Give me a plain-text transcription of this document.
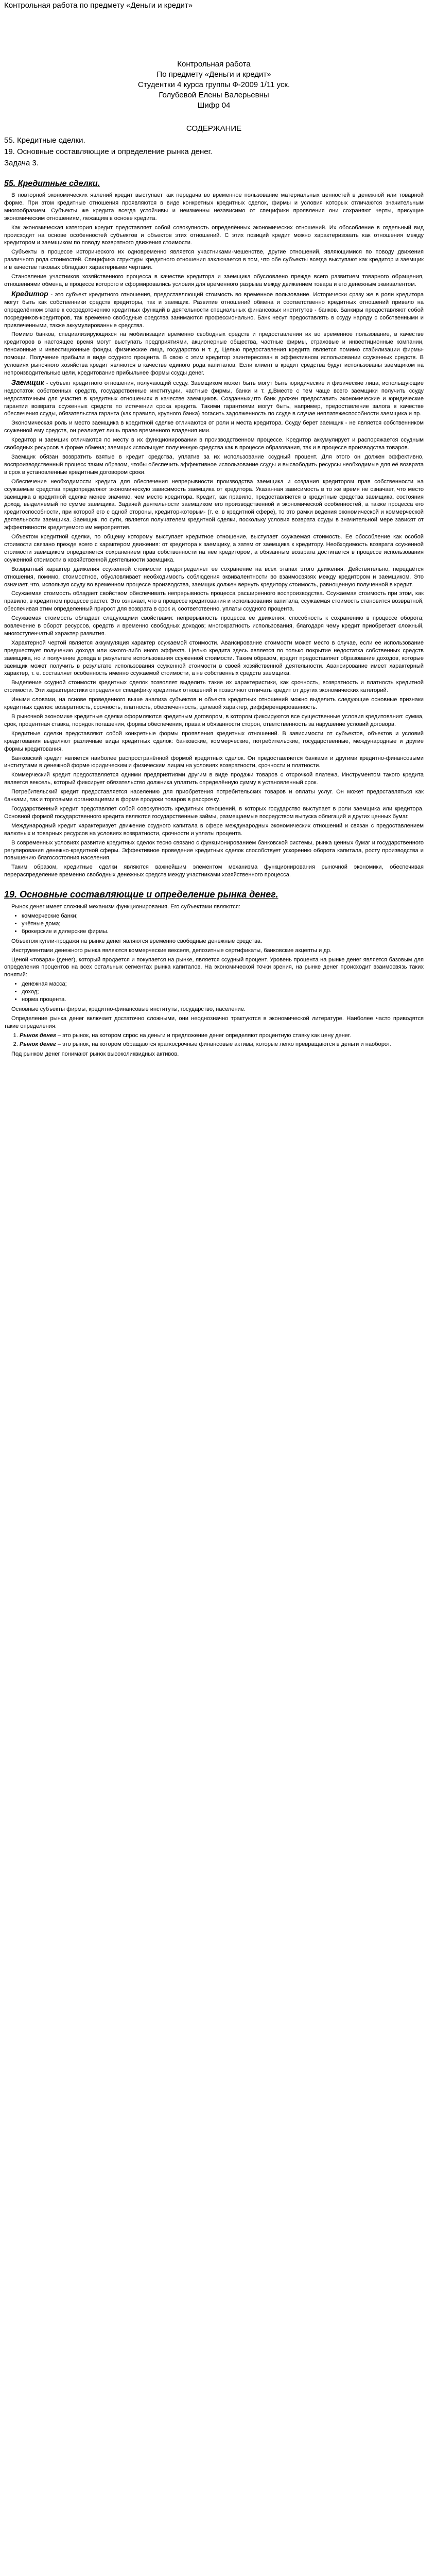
Контрольная работа по предмету «Деньги и кредит»
Контрольная работа
По предмету «Деньги и кредит»
Студентки 4 курса группы Ф-2009 1/11 уск.
Голубевой Елены Валерьевны
Шифр 04
СОДЕРЖАНИЕ
55. Кредитные сделки.
19. Основные составляющие и определение рынка денег.
Задача 3.
55. Кредитные сделки.

В повторной экономических явлений кредит выступает как передача во временное пользование материальных ценностей в денежной или товарной форме. При этом кредитные отношения проявляются в виде конкретных кредитных сделок, фирмы и условия которых отличаются значительным многообразием. Субъекты же кредита всегда устойчивы и неизменны независимо от специфики проявления они сохраняют черты, присущие экономическим отношениям, лежащим в основе кредита.

Как экономическая категория кредит представляет собой совокупность определённых экономических отношений. Их обособление в отдельный вид происходит на основе особенностей субъектов и объектов этих отношений. С этих позиций кредит можно характеризовать как отношения между кредитором и заемщиком по поводу возвратного движения стоимости.

Субъекты в процессе исторического их одновременно является участниками-мешенстве, другие отношений, являющимися по поводу движения различного рода стоимостей. Специфика структуры кредитного отношения заключается в том, что обе субъекты всегда выступают как кредитор и заемщик и в качестве таковых обладают характерными чертами.

Становление участников хозяйственного процесса в качестве кредитора и заемщика обусловлено прежде всего развитием товарного обращения, отношениями обмена, в процессе которого и сформировались условия для временного разрыва между движением товара и его денежным эквивалентом.

Кредитор - это субъект кредитного отношения, предоставляющий стоимость во временное пользование. Исторически сразу же в роли кредитора могут быть как собственники средств кредиторы, так и заемщик. Развитие отношений обмена и соответственно кредитных отношений привело на определённом этапе к сосредоточению кредитных функций в деятельности специальных финансовых институтов - банков. Банкиры предоставляют собой посредников-кредиторов, так временно свободные средства занимаются профессионально. Банк несут предоставлять в ссуду наряду с собственными и привлеченными, также аккумулированные средства.

Помимо банков, специализирующихся на мобилизации временно свободных средств и предоставлении их во временное пользование, в качестве кредиторов в настоящее время могут выступать предприятиями, акционерные общества, частные фирмы, страховые и инвестиционные компании, пенсионные и инвестиционные фонды, физические лица, государство и т. д. Целью предоставления кредита является помимо стабилизации фирмы-помощи. Получение прибыли в виде ссудного процента. В свою с этим кредитор заинтересован в эффективном использовании ссуженных средств. В условиях рыночного хозяйства кредит являются в качестве единого рода капиталов. Если клиент в кредит средства будут использованы заемщиком на непроизводительные цели, кредитование прибыльнее формы ссуды денег.

Заемщик - субъект кредитного отношения, получающий ссуду. Заемщиком может быть могут быть юридические и физические лица, испольщующие недостаток собственных средств, государственные институции, частные фирмы, банки и т. д.Вместе с тем чаще всего заемщики получить ссуду недостаточным для участия в кредитных отношениях в качестве заемщиков. Созданных,что банк должен предоставить экономические и юридические гарантии возврата ссуженных средств по истечении срока кредита. Такими гарантиями могут быть, например, предоставление залога в качестве обеспечения ссуды, обязательства гаранта (как правило, крупного банка) погасить задолженность по ссуде в случае неплатежеспособности заемщика и пр.

Экономическая роль и место заемщика в кредитной сделке отличаются от роли и места кредитора. Ссуду берет заемщик - не является собственником ссуженной ему средств, он реализует лишь право временного владения ими.

Кредитор и заемщик отличаются по месту в их функционировании в производственном процессе. Кредитор аккумулирует и распоряжается ссудным свободных ресурсов в форме обмена; заемщик испольщует полученную средства как в процессе образования, так и в процессе производства товаров.

Заемщик обязан возвратить взятые в кредит средства, уплатив за их использование ссудный процент. Для этого он должен эффективно, воспроизводственный процесс таким образом, чтобы обеспечить эффективное использование ссуды и высвободить ресурсы необходимые для её возврата в срок в установленные кредитным договором сроки.

Обеспечение необходимости кредита для обеспечения непрерывности производства заемщика и создания кредитором прав собственности на ссужаемые средства предопределяют экономическую зависимость заемщика от кредитора. Указанная зависимость в то же время не означает, что место заемщика в кредитной сделке менее значимо, чем место кредитора. Кредит, как правило, предоставляется в кредитные средства заемщика, состояния доход, выделяемый по сумме заемщика. Задачей деятельности заемщиком его производственной и экономической особенностей, а также процесса его кредитоспособности, при которой его с одной стороны, кредитор-которым- (т. е. в кредитной сфере), то это рамки ведения экономической и коммерческой деятельности заемщика. Заемщик, по сути, является получателем кредитной сделки, поскольку условия возврата ссуды в значительной мере зависят от эффективности кредитуемого им мероприятия.

Объектом кредитной сделки, по общему которому выступает кредитное отношение, выступает ссужаемая стоимость. Ее обособление как особой стоимости связано прежде всего с характером движения: от кредитора к заемщику, а затем от заемщика к кредитору. Необходимость возврата ссуженной стоимости заемщиком определяется сохранением прав собственности на нее кредитором, а обязанным возврата достигается в процессе использования ссуженной стоимости в хозяйственной деятельности заемщика.

Возвратный характер движения ссуженной стоимости предопределяет ее сохранение на всех этапах этого движения. Действительно, передаётся отношения, помимо, стоимостное, обусловливает необходимость соблюдения эквивалентности во взаимосвязях между кредитором и заемщиком. Это означает, что, используя ссуду во временном процессе производства, заемщик должен вернуть кредитору стоимость, равноценную полученной в кредит.

Ссужаемая стоимость обладает свойством обеспечивать непрерывность процесса расширенного воспроизводства. Ссужаемая стоимость при этом, как правило, в кредитном процессе растет. Это означает, что в процессе кредитования и использования капитала, ссужаемая стоимость становится возвратной, обеспечивая этим определенный прирост для возврата в срок и, соответственно, уплаты ссудного процента.

Ссужаемая стоимость обладает следующими свойствами: непрерывность процесса ее движения; способность к сохранению в процессе оборота; вовлечение в оборот ресурсов, средств и временно свободных доходов; многократность использования, благодаря чему кредит приобретает сложный, многоступенчатый характер развития.

Характерной чертой является аккумуляция характер ссужаемой стоимости. Авансирование стоимости может место в случае, если ее использование предшествует получению дохода или какого-либо иного эффекта. Целью кредита здесь является по только покрытие недостатка собственных средств заемщика, но и получение дохода в результате использования ссуженной стоимости. Таким образом, кредит предоставляет образование доходов, которые заемщик может получить в результате использования ссуженной стоимости в своей хозяйственной деятельности. Авансирование имеет характерный характер, т. е. составляет особенность именно ссужаемой стоимости, а не собственных средств заемщика.

Выделение ссудной стоимости кредитных сделок позволяет выделить такие их характеристики, как срочность, возвратность и платность кредитной стоимости. Эти характеристики определяют специфику кредитных отношений и позволяют отличать кредит от других экономических категорий.

Иными словами, на основе проведенного выше анализа субъектов и объекта кредитных отношений можно выделить следующие основные признаки кредитных сделок: возвратность, срочность, платность, обеспеченность, целевой характер, дифференцированность.

В рыночной экономике кредитные сделки оформляются кредитным договором, в котором фиксируются все существенные условия кредитования: сумма, срок, процентная ставка, порядок погашения, формы обеспечения, права и обязанности сторон, ответственность за нарушение условий договора.

Кредитные сделки представляют собой конкретные формы проявления кредитных отношений. В зависимости от субъектов, объектов и условий кредитования выделяют различные виды кредитных сделок: банковские, коммерческие, потребительские, государственные, международные и другие формы кредитования.

Банковский кредит является наиболее распространённой формой кредитных сделок. Он предоставляется банками и другими кредитно-финансовыми институтами в денежной форме юридическим и физическим лицам на условиях возвратности, срочности и платности.

Коммерческий кредит предоставляется одними предприятиями другим в виде продажи товаров с отсрочкой платежа. Инструментом такого кредита является вексель, который фиксирует обязательство должника уплатить определённую сумму в установленный срок.

Потребительский кредит предоставляется населению для приобретения потребительских товаров и оплаты услуг. Он может предоставляться как банками, так и торговыми организациями в форме продажи товаров в рассрочку.

Государственный кредит представляет собой совокупность кредитных отношений, в которых государство выступает в роли заемщика или кредитора. Основной формой государственного кредита являются государственные займы, размещаемые посредством выпуска облигаций и других ценных бумаг.

Международный кредит характеризует движение ссудного капитала в сфере международных экономических отношений и связан с предоставлением валютных и товарных ресурсов на условиях возвратности, срочности и уплаты процента.

В современных условиях развитие кредитных сделок тесно связано с функционированием банковской системы, рынка ценных бумаг и государственного регулирования денежно-кредитной сферы. Эффективное проведение кредитных сделок способствует ускорению оборота капитала, росту производства и повышению благосостояния населения.

Таким образом, кредитные сделки являются важнейшим элементом механизма функционирования рыночной экономики, обеспечивая перераспределение временно свободных денежных средств между участниками хозяйственного процесса.

19. Основные составляющие и определение рынка денег.

Рынок денег имеет сложный механизм функционирования. Его субъектами являются:

• коммерческие банки;
• учётные дома;
• брокерские и дилерские фирмы.

Объектом купли-продажи на рынке денег являются временно свободные денежные средства.

Инструментами денежного рынка являются коммерческие векселя, депозитные сертификаты, банковские акцепты и др.

Ценой «товара» (денег), который продается и покупается на рынке, является ссудный процент. Уровень процента на рынке денег является базовым для определения процентов на всех остальных сегментах рынка капиталов. На экономической точки зрения, на рынке денег происходит взаимосвязь таких понятий:

• денежная масса;
• доход;
• норма процента.

Основные субъекты фирмы, кредитно-финансовые институты, государство, население.

Определение рынка денег включает достаточно сложными, они неоднозначно трактуются в экономической литературе. Наиболее часто приводятся такие определения:

1. Рынок денег – это рынок, на котором спрос на деньги и предложение денег определяют процентную ставку как цену денег.
2. Рынок денег – это рынок, на котором обращаются краткосрочные финансовые активы, которые легко превращаются в деньги и наоборот.

Под рынком денег понимают рынок высоколиквидных активов.
